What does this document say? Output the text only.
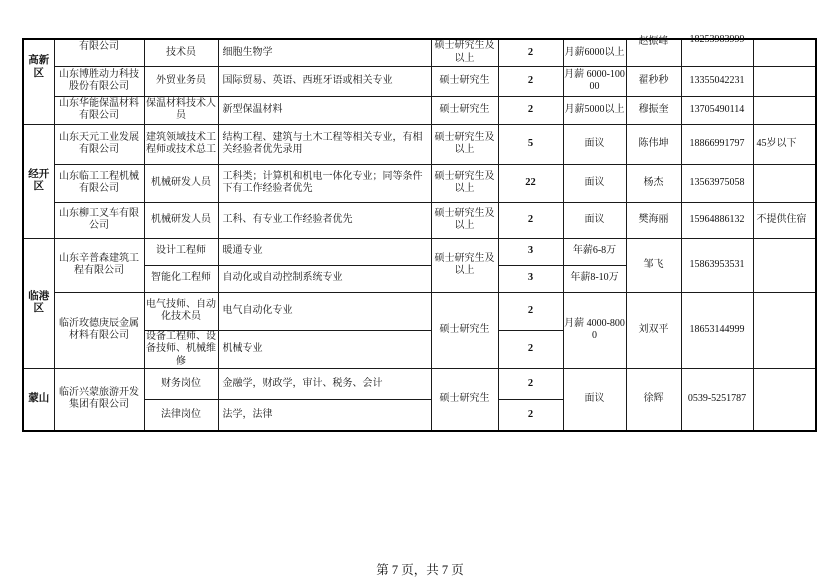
高新区	有限公司	技术员	细胞生物学	硕士研究生及以上	2	月薪6000以上	赵振峰	18253983999	

	山东博胜动力科技股份有限公司	外贸业务员	国际贸易、英语、西班牙语或相关专业	硕士研究生	2	月薪 6000-10000	翟秒秒	13355042231	
	山东华能保温材料有限公司	保温材料技术人员	新型保温材料	硕士研究生	2	月薪5000以上	穆振奎	13705490114	
经开区	山东天元工业发展有限公司	建筑领域技术工程师或技术总工	结构工程、建筑与土木工程等相关专业，有相关经验者优先录用	硕士研究生及以上	5	面议	陈伟坤	18866991797	45岁以下
	山东临工工程机械有限公司	机械研发人员	工科类；计算机和机电一体化专业；同等条件下有工作经验者优先	硕士研究生及以上	22	面议	杨杰	13563975058	
	山东柳工叉车有限公司	机械研发人员	工科、有专业工作经验者优先	硕士研究生及以上	2	面议	樊海丽	15964886132	不提供住宿
临港区	山东辛普森建筑工程有限公司	设计工程师	暖通专业	硕士研究生及以上	3	年薪6-8万	邹飞	15863953531	
		智能化工程师	自动化或自动控制系统专业		3	年薪8-10万			
	临沂玫德庚辰金属材料有限公司	电气技师、自动化技术员	电气自动化专业	硕士研究生	2	月薪 4000-8000	刘双平	18653144999	
		设备工程师、设备技师、机械维修	机械专业		2				
蒙山	临沂兴蒙旅游开发集团有限公司	财务岗位	金融学，财政学，审计、税务、会计	硕士研究生	2	面议	徐辉	0539-5251787	
		法律岗位	法学，法律		2				
第 7 页，共 7 页
